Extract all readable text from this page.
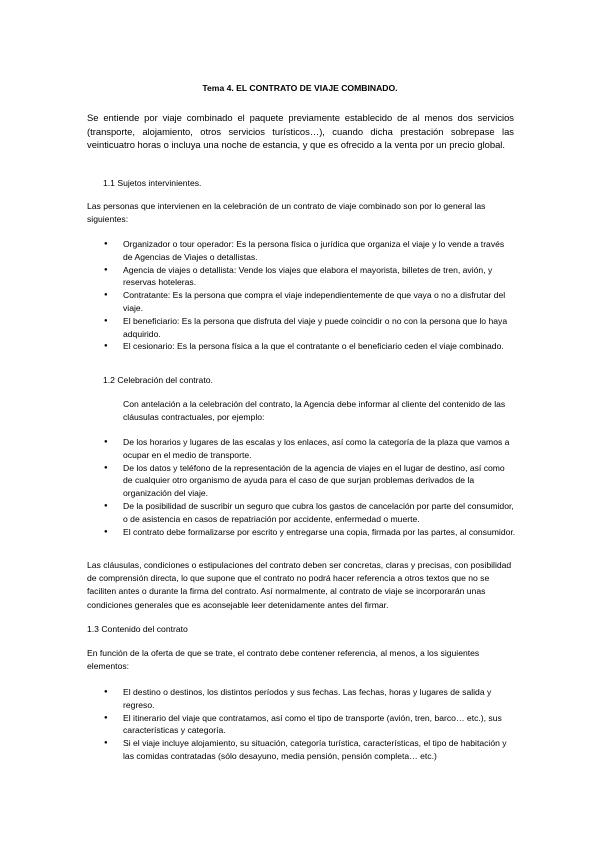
Tema 4. EL CONTRATO DE VIAJE COMBINADO.

Se entiende por viaje combinado el paquete previamente establecido de al menos dos servicios (transporte, alojamiento, otros servicios turísticos…), cuando dicha prestación sobrepase las veinticuatro horas o incluya una noche de estancia, y que es ofrecido a la venta por un precio global.

1.1 Sujetos intervinientes.

Las personas que intervienen en la celebración de un contrato de viaje combinado son por lo general las siguientes:

● Organizador o tour operador: Es la persona física o jurídica que organiza el viaje y lo vende a través de Agencias de Viajes o detallistas.
● Agencia de viajes o detallista: Vende los viajes que elabora el mayorista, billetes de tren, avión, y reservas hoteleras.
● Contratante: Es la persona que compra el viaje independientemente de que vaya o no a disfrutar del viaje.
● El beneficiario: Es la persona que disfruta del viaje y puede coincidir o no con la persona que lo haya adquirido.
● El cesionario: Es la persona física a la que el contratante o el beneficiario ceden el viaje combinado.
1.2 Celebración del contrato.

Con antelación a la celebración del contrato, la Agencia debe informar al cliente del contenido de las cláusulas contractuales, por ejemplo:

● De los horarios y lugares de las escalas y los enlaces, así como la categoría de la plaza que vamos a ocupar en el medio de transporte.
● De los datos y teléfono de la representación de la agencia de viajes en el lugar de destino, así como de cualquier otro organismo de ayuda para el caso de que surjan problemas derivados de la organización del viaje.
● De la posibilidad de suscribir un seguro que cubra los gastos de cancelación por parte del consumidor, o de asistencia en casos de repatriación por accidente, enfermedad o muerte.
● El contrato debe formalizarse por escrito y entregarse una copia, firmada por las partes, al consumidor.

Las cláusulas, condiciones o estipulaciones del contrato deben ser concretas, claras y precisas, con posibilidad de comprensión directa, lo que supone que el contrato no podrá hacer referencia a otros textos que no se faciliten antes o durante la firma del contrato. Así normalmente, al contrato de viaje se incorporarán unas condiciones generales que es aconsejable leer detenidamente antes del firmar.

1.3 Contenido del contrato

En función de la oferta de que se trate, el contrato debe contener referencia, al menos, a los siguientes elementos:

● El destino o destinos, los distintos períodos y sus fechas. Las fechas, horas y lugares de salida y regreso.
● El itinerario del viaje que contratamos, así como el tipo de transporte (avión, tren, barco… etc.), sus características y categoría.
● Si el viaje incluye alojamiento, su situación, categoría turística, características, el tipo de habitación y las comidas contratadas (sólo desayuno, media pensión, pensión completa… etc.)
